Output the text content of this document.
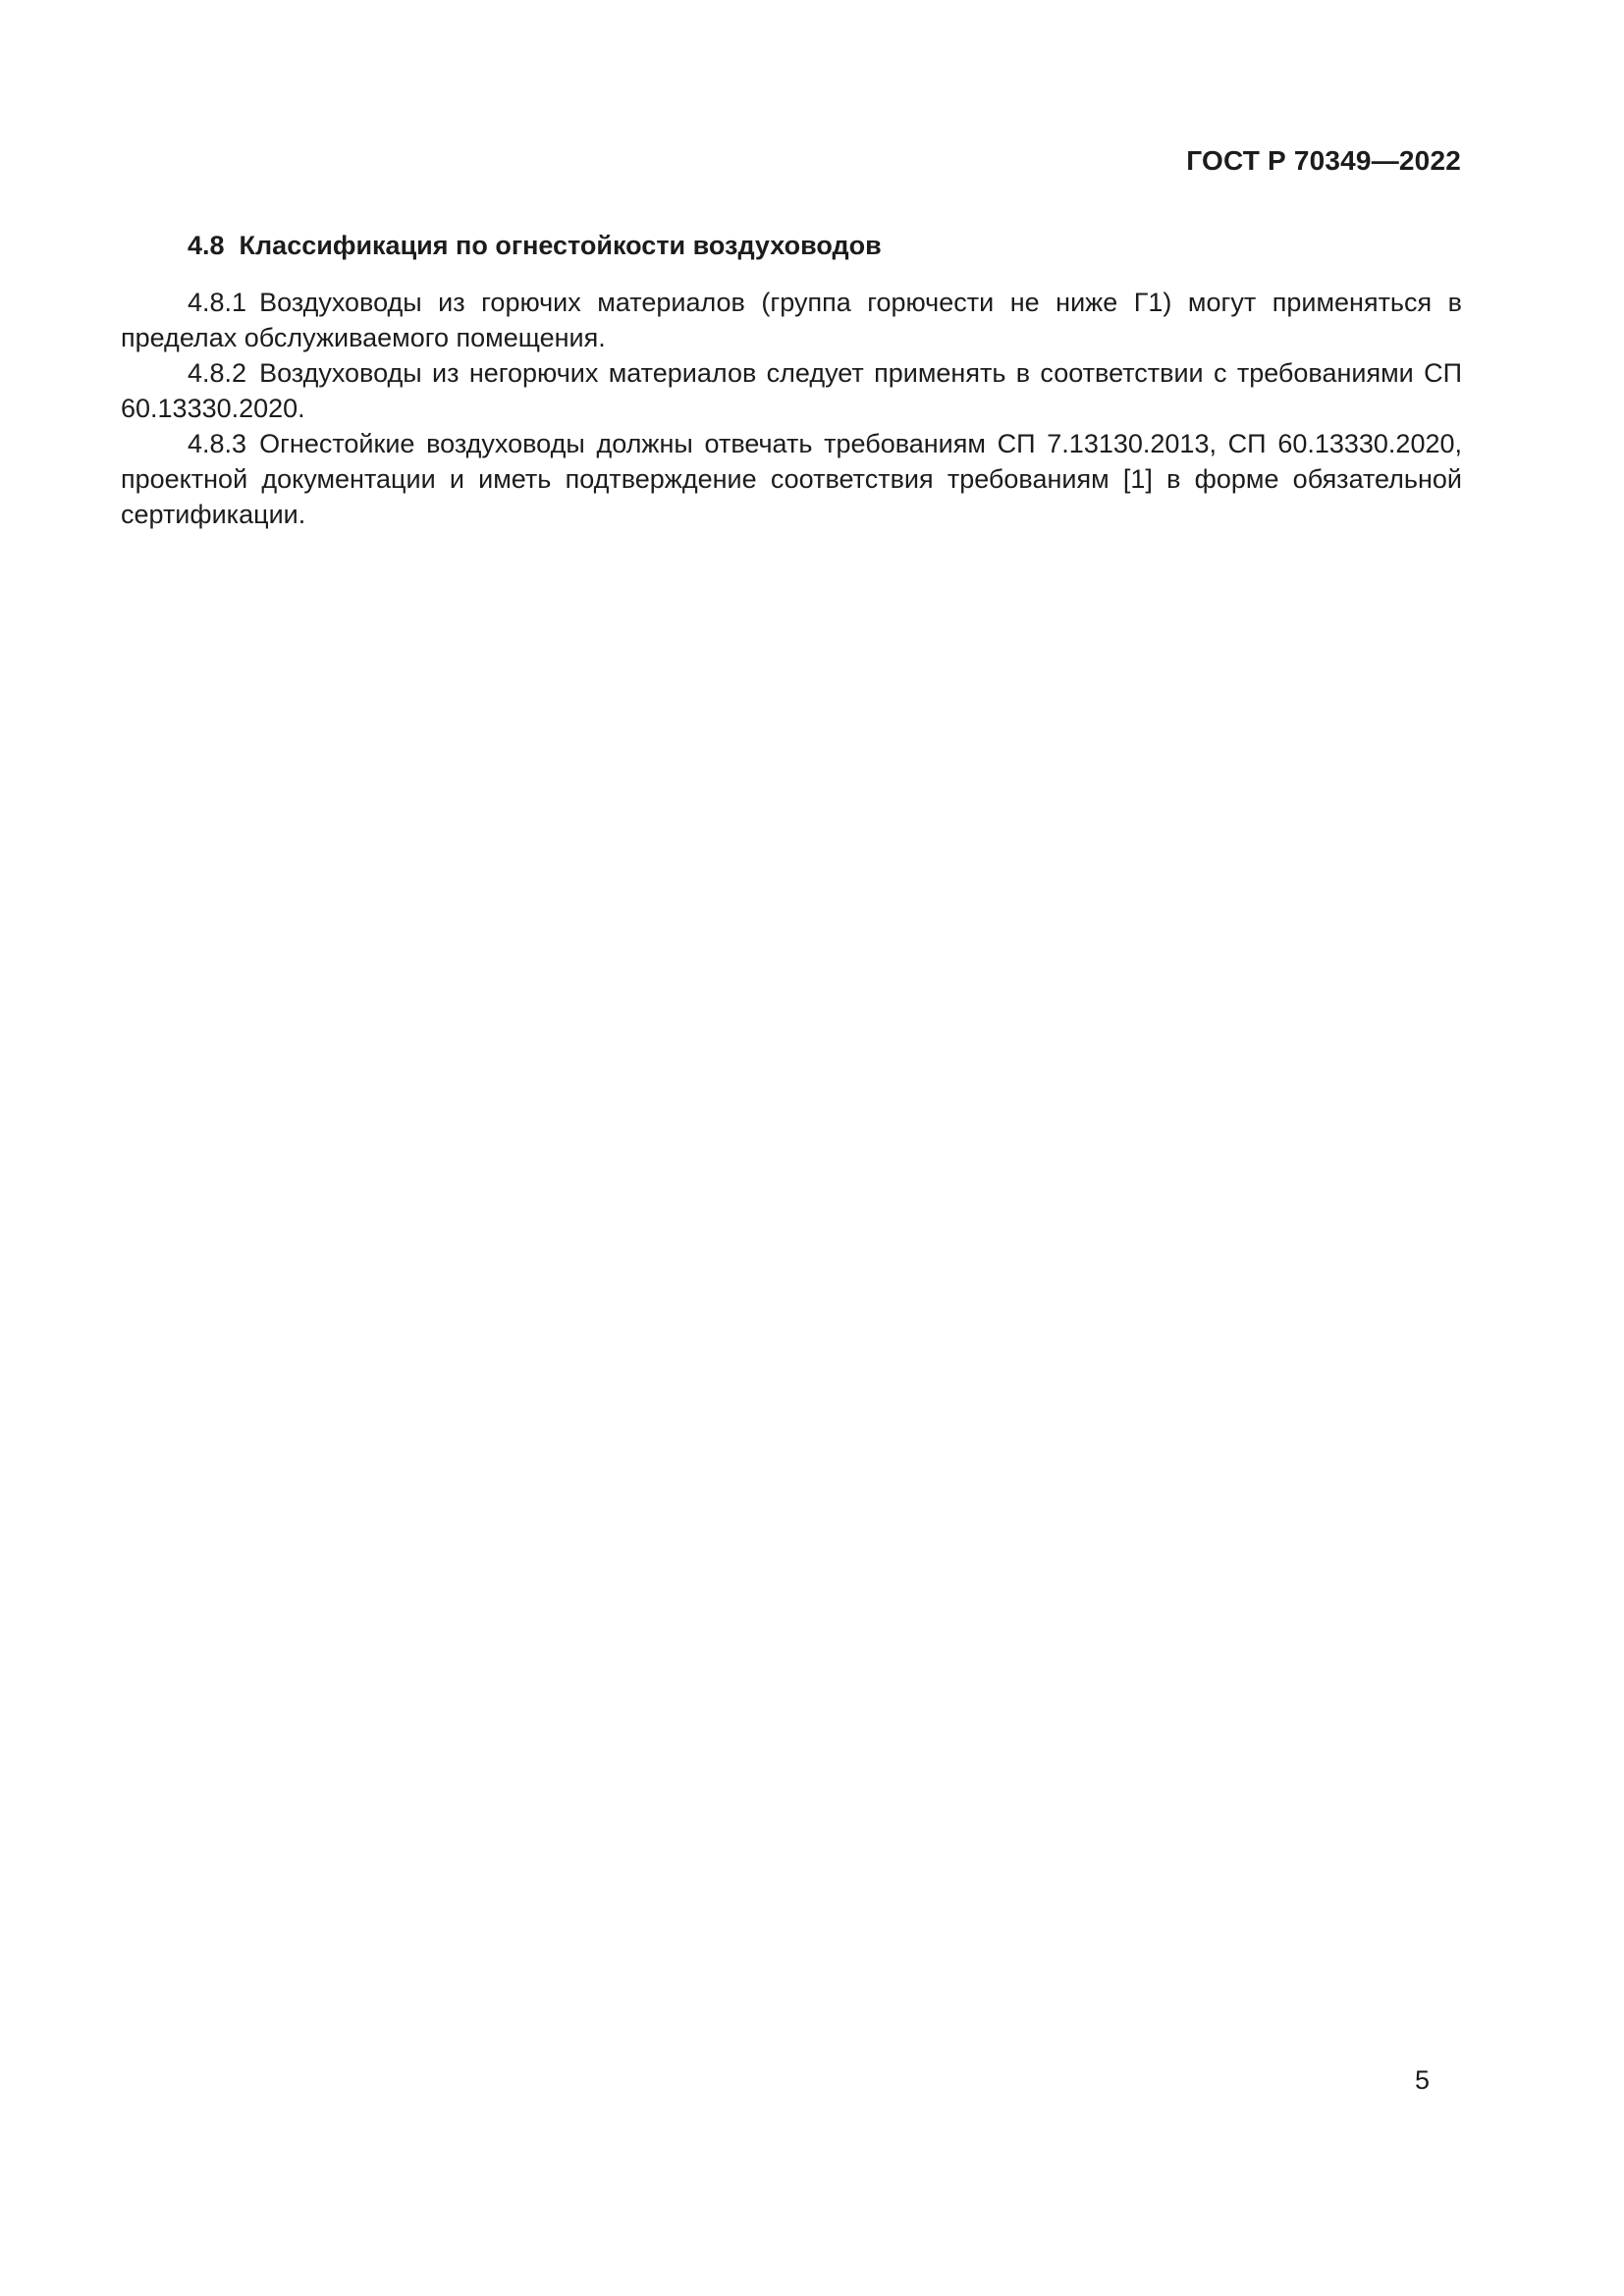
ГОСТ Р 70349—2022
4.8 Классификация по огнестойкости воздуховодов

4.8.1 Воздуховоды из горючих материалов (группа горючести не ниже Г1) могут применяться в пределах обслуживаемого помещения.

4.8.2 Воздуховоды из негорючих материалов следует применять в соответствии с требованиями СП 60.13330.2020.

4.8.3 Огнестойкие воздуховоды должны отвечать требованиям СП 7.13130.2013, СП 60.13330.2020, проектной документации и иметь подтверждение соответствия требованиям [1] в форме обязательной сертификации.

5
